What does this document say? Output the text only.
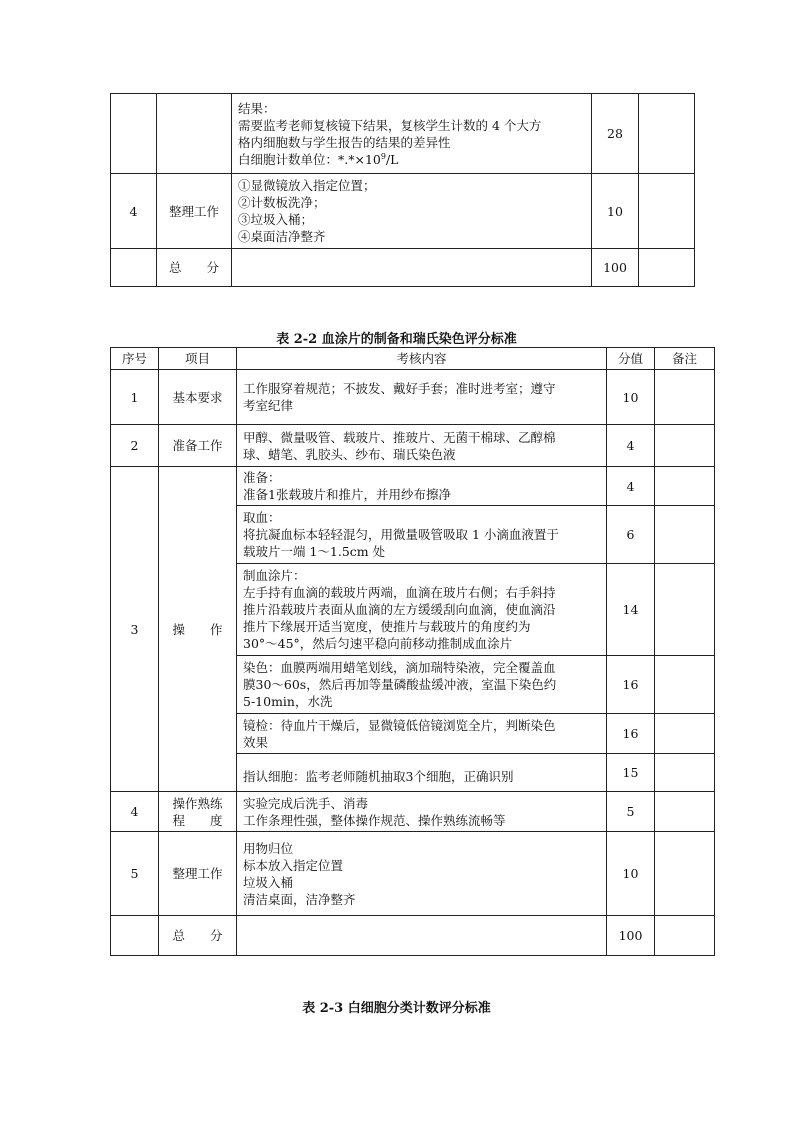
		结果：
需要监考老师复核镜下结果，复核学生计数的 4 个大方
格内细胞数与学生报告的结果的差异性
白细胞计数单位：$*.*\times 10^9/L$	28	
4	整理工作	①显微镜放入指定位置；
②计数板洗净；
③垃圾入桶；
④桌面洁净整齐	10	
	总　　分		100	
表 2-2 血涂片的制备和瑞氏染色评分标准
序号	项目	考核内容	分值	备注
1	基本要求	工作服穿着规范；不披发、戴好手套；准时进考室；遵守
考室纪律	10	
2	准备工作	甲醇、微量吸管、载玻片、推玻片、无菌干棉球、乙醇棉
球、蜡笔、乳胶头、纱布、瑞氏染色液	4	
3	操　　作	准备：
准备1张载玻片和推片，并用纱布擦净	4	

		取血：
将抗凝血标本轻轻混匀，用微量吸管吸取 1 小滴血液置于
载玻片一端 1～1.5cm 处	6	

		制血涂片：
左手持有血滴的载玻片两端，血滴在玻片右侧；右手斜持
推片沿载玻片表面从血滴的左方缓缓刮向血滴，使血滴沿
推片下缘展开适当宽度，使推片与载玻片的角度约为
30°～45°，然后匀速平稳向前移动推制成血涂片	14	

		染色：血膜两端用蜡笔划线，滴加瑞特染液，完全覆盖血
膜30～60s，然后再加等量磷酸盐缓冲液，室温下染色约
5-10min，水洗	16	

		镜检：待血片干燥后，显微镜低倍镜浏览全片，判断染色
效果	16	

		指认细胞：监考老师随机抽取3个细胞，正确识别	15	
4	操作熟练
程　　度	实验完成后洗手、消毒
工作条理性强，整体操作规范、操作熟练流畅等	5	
5	整理工作	用物归位
标本放入指定位置
垃圾入桶
清洁桌面，洁净整齐	10	
	总　　分		100	
表 2-3 白细胞分类计数评分标准
